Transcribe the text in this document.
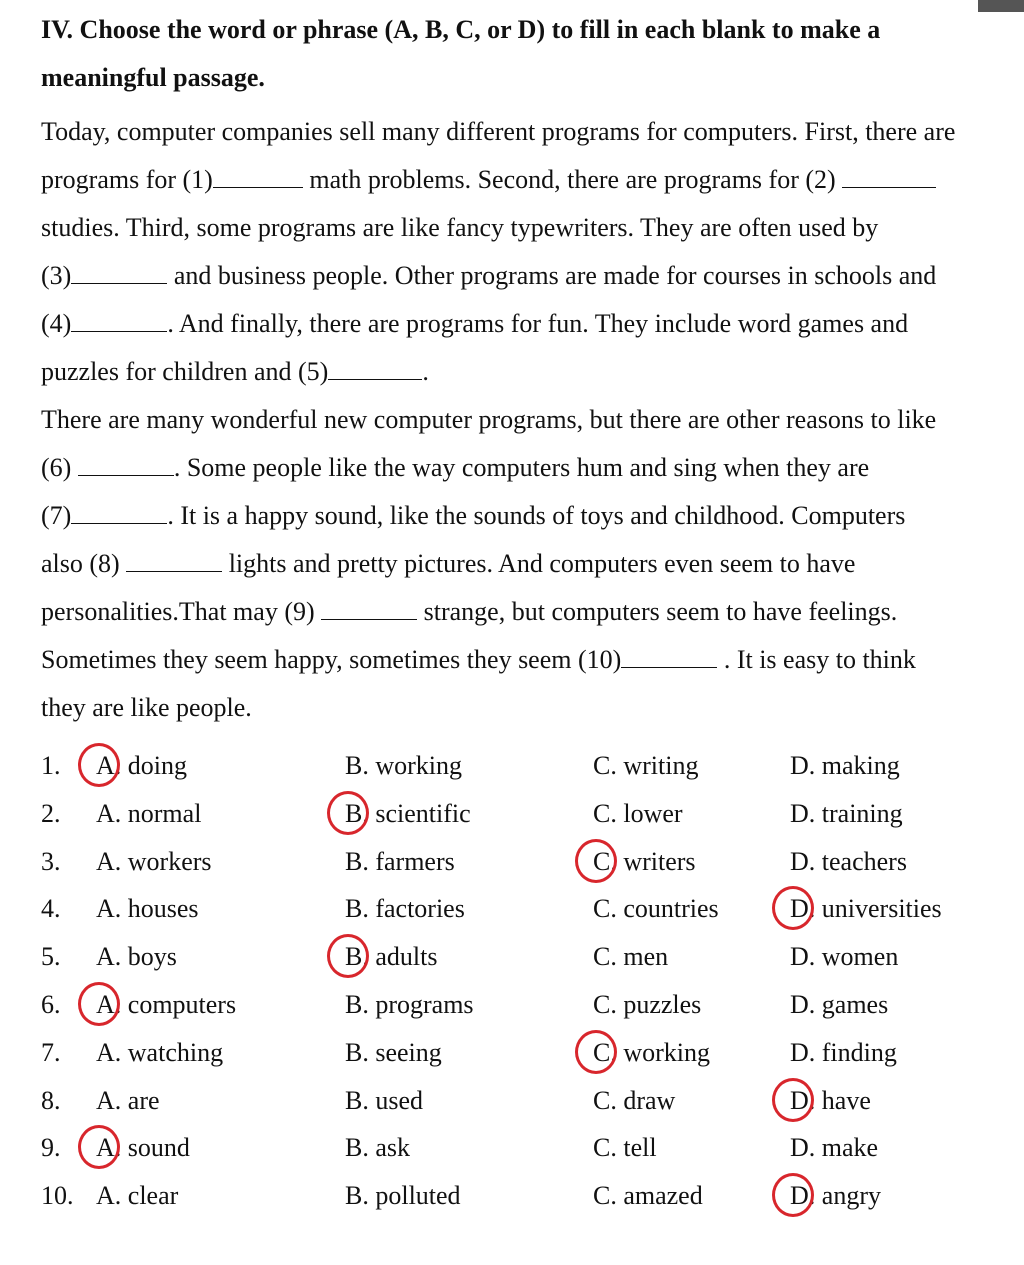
IV. Choose the word or phrase (A, B, C, or D) to fill in each blank to make a
meaningful passage.
Today, computer companies sell many different programs for computers. First, there are
programs for (1)	math problems. Second, there are programs for (2)
studies. Third, some programs are like fancy typewriters. They are often used by
(3)	and business people. Other programs are made for courses in schools and
(4)	. And finally, there are programs for fun. They include word games and
puzzles for children and (5)	.
There are many wonderful new computer programs, but there are other reasons to like
(6)	. Some people like the way computers hum and sing when they are
(7)	. It is a happy sound, like the sounds of toys and childhood. Computers
also (8)	lights and pretty pictures. And computers even seem to have
personalities.That may (9)	strange, but computers seem to have feelings.
Sometimes they seem happy, sometimes they seem (10)	. It is easy to think
they are like people.
1. A. doing	B. working	C. writing	D. making
2. A. normal	B. scientific	C. lower	D. training
3. A. workers	B. farmers	C. writers	D. teachers
4. A. houses	B. factories	C. countries	D. universities
5. A. boys	B. adults	C. men	D. women
6. A. computers	B. programs	C. puzzles	D. games
7. A. watching	B. seeing	C. working	D. finding
8. A. are	B. used	C. draw	D. have
9. A. sound	B. ask	C. tell	D. make
10. A. clear	B. polluted	C. amazed	D. angry
